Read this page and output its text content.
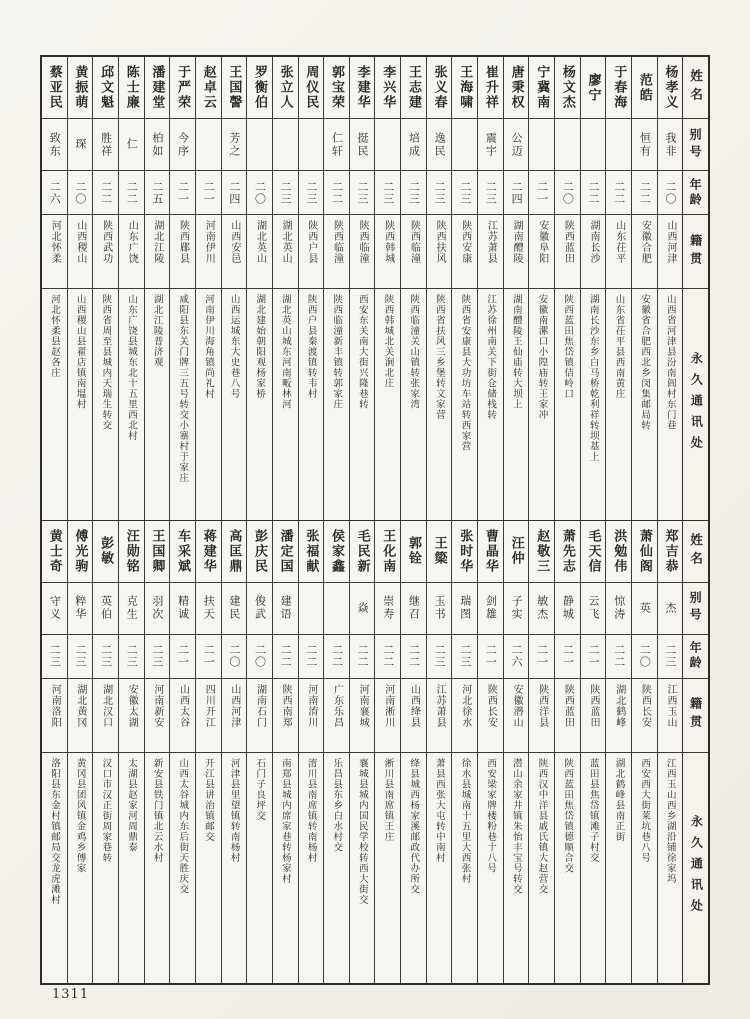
姓名
别号
年龄
籍贯
永久通讯处
杨孝义
我非
二〇
山西河津
山西省河津县汾南阎村东门巷
范皓
恒有
二二
安徽合肥
安徽省合肥西北乡闵集邮局转
于春海
二二
山东茌平
山东省茌平县西南黄庄
廖宁
二二
湖南长沙
湖南长沙东乡白马桥乾利祥转坝基上
杨文杰
二〇
陕西蓝田
陕西蓝田焦岱镇佶岭口
宁冀南
二一
安徽阜阳
安徽南漯口小隍庙转王家冲
唐秉权
公迈
二四
湖南醴陵
湖南醴陵王仙庙转大坝上
崔升祥
震宇
二三
江苏萧县
江苏徐州南关下街仓储栈转
王海啸
二三
陕西安康
陕西省安康县大功坊车站转西家营
张义春
逸民
二三
陕西扶风
陕西省扶风三乡堡转文家营
王志建
培成
二三
陕西临潼
陕西临潼关山镇转张家湾
李兴华
二三
陕西韩城
陕西韩城北关涧北庄
李建华
挺民
二三
陕西临潼
西安东关南大街兴隆巷转
郭宝荣
仁轩
二二
陕西临潼
陕西临潼新丰镇转郭家庄
周仪民
二三
陕西户县
陕西户县秦渡镇转韦村
张立人
二三
湖北英山
湖北英山城东河南畈林河
罗衡伯
二〇
湖北英山
湖北建始朝阳观杨家桥
王国謦
芳之
二四
山西安邑
山西运城东大史巷八号
赵卓云
二一
河南伊川
河南伊川海角镇尚礼村
于严荣
今序
二一
陕西郿县
咸阳县东关门牌三五号转交小寨村于家庄
潘建堂
柏如
二五
湖北江陵
湖北江陵普济观
陈士廉
仁
二二
山东广饶
山东广饶县城东北十五里西北村
邱文魁
胜祥
二二
陕西武功
陕西省周至县城内天瑞生转交
黄振萌
琛
二〇
山西稷山
山西稷山县翟店镇南塭村
蔡亚民
致东
二六
河北怀柔
河北怀柔县赵各庄
姓名
别号
年龄
籍贯
永久通讯处
郑吉恭
杰
二三
江西玉山
江西玉山西乡湖沿铺徐家坞
萧仙阁
英
二〇
陕西长安
西安西大街莱坑巷八号
洪勉伟
惊涛
二二
湖北鹤峰
湖北鹤峰县南正街
毛天信
云飞
二一
陕西蓝田
蓝田县焦岱镇滩子村交
萧先志
静城
二一
陕西蓝田
陕西蓝田焦岱镇德顺合交
赵敬三
敏杰
二一
陕西洋县
陕西汉中洋县戚氏镇大赵营交
汪仲
子实
二六
安徽潜山
潜山余家井镇朱怡丰宝号转交
曹晶华
剑雄
二一
陕西长安
西安梁家牌楼粉巷十八号
张时华
瑞图
二三
河北徐水
徐水县城南十五里大西张村
王簗
玉书
二三
江苏萧县
萧县西张大屯转中南村
郭铨
继召
二二
山西绛县
绛县城西杨家溪邮政代办所交
王化南
崇寿
二二
河南淅川
淅川县南席镇王庄
毛民新
焱
二二
河南襄城
襄城县城内国民学校转西大街交
侯家鑫
二二
广东乐昌
乐昌县东乡白水村交
张福献
二二
河南淯川
淯川县南席镇转南杨村
潘定国
建语
二二
陕西南郑
南郑县城内席家巷转杨家村
彭庆民
俊武
二〇
湖南石门
石门子良坪交
高匡鼎
建民
二〇
山西河津
河津县里望镇转南杨村
蒋建华
扶天
二一
四川开江
开江县讲治镇邮交
车采斌
精诚
二一
山西太谷
山西太谷城内东后街天胜庆交
王国卿
羽次
二三
河南新安
新安县铁门镇北云水村
汪勋铭
克生
二三
安徽太湖
太湖县赵家河周鼎泰
彭敏
英伯
二三
湖北汉口
汉口市汉正街周家巷转
傅光驹
粹华
二三
湖北黄冈
黄冈县团风镇金鸡乡傅家
黄士奇
守义
二三
河南洛阳
洛阳县东金村镇邮局交龙虎滩村
1311
